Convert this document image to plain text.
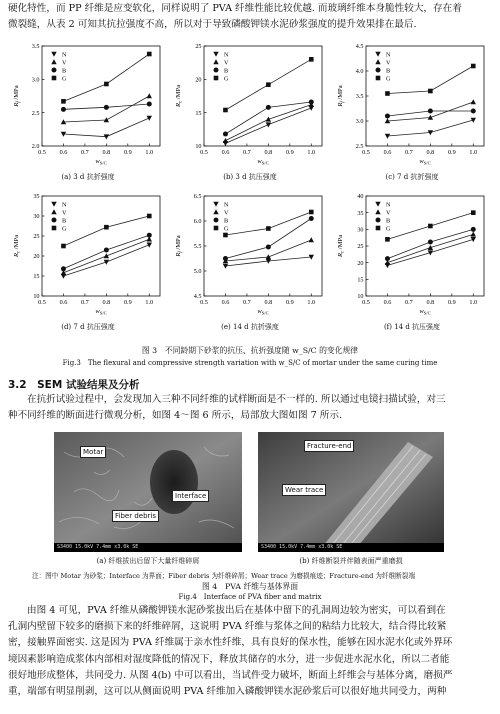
硬化特性，而 PP 纤维是应变软化，同样说明了 PVA 纤维性能比较优越. 而玻璃纤维本身脆性较大，存在着
微裂缝，从表 2 可知其抗拉强度不高，所以对于导致磷酸钾镁水泥砂浆强度的提升效果排在最后.
0.5 0.6 0.7 0.8 0.9 1.0
2.0
2.5
3.0
3.5
$R_f$ /MPa
$w_{S/C}$
N
V
B
G
(a) 3 d 抗折强度
0.5 0.6 0.7 0.8 0.9 1.0
10
15
20
25
$R_c$ /MPa
$w_{S/C}$
N
V
B
G
(b) 3 d 抗压强度
0.5 0.6 0.7 0.8 0.9 1.0
2.5
3.0
3.5
4.0
4.5
$R_f$ /MPa
$w_{S/C}$
N
V
B
G
(c) 7 d 抗折强度
0.5 0.6 0.7 0.8 0.9 1.0
10
15
20
25
30
35
$R_c$ /MPa
$w_{S/C}$
N
V
B
G
(d) 7 d 抗压强度
0.5 0.6 0.7 0.8 0.9 1.0
4.5
5.0
5.5
6.0
6.5
$R_f$ /MPa
$w_{S/C}$
N
V
B
G
(e) 14 d 抗折强度
0.5 0.6 0.7 0.8 0.9 1.0
10
15
20
25
30
35
40
$R_c$ /MPa
$w_{S/C}$
N
V
B
G
(f) 14 d 抗压强度
图 3　不同龄期下砂浆的抗压、抗折强度随 w_S/C 的变化规律
Fig.3　The flexural and compressive strength variation with w_S/C of mortar under the same curing time
3.2　SEM 试验结果及分析
在抗折试验过程中，会发现加入三种不同纤维的试样断面是不一样的. 所以通过电镜扫描试验，对三
种不同纤维的断面进行微观分析，如图 4～图 6 所示，局部放大图如图 7 所示.
Motar
Interface
Fiber debris
S3400 15.0kV 7.4mm x3.0k SE
Fracture-end
Wear trace
S3400 15.0kV 7.4mm x3.0k SE
(a) 纤维拔出后留下大量纤维碎屑	(b) 纤维断裂并伴随表面严重磨损
注：图中 Motar 为砂浆；Interface 为界面；Fiber debris 为纤维碎屑；Wear trace 为磨损痕迹；Fracture-end 为纤维断裂端
图 4　PVA 纤维与基体界面
Fig.4　Interface of PVA fiber and matrix
由图 4 可见，PVA 纤维从磷酸钾镁水泥砂浆拔出后在基体中留下的孔洞周边较为密实，可以看到在
孔洞内壁留下较多的磨损下来的纤维碎屑，这说明 PVA 纤维与浆体之间的粘结力比较大，结合得比较紧
密，接触界面密实. 这是因为 PVA 纤维属于亲水性纤维，具有良好的保水性，能够在因水泥水化或外界环
境因素影响造成浆体内部相对湿度降低的情况下，释放其储存的水分，进一步促进水泥水化，所以二者能
很好地形成整体，共同受力. 从图 4(b) 中可以看出，当试件受力破坏，断面上纤维会与基体分离，磨损严
重，端部有明显削剥，这可以从侧面说明 PVA 纤维加入磷酸钾镁水泥砂浆后可以很好地共同受力，两种
